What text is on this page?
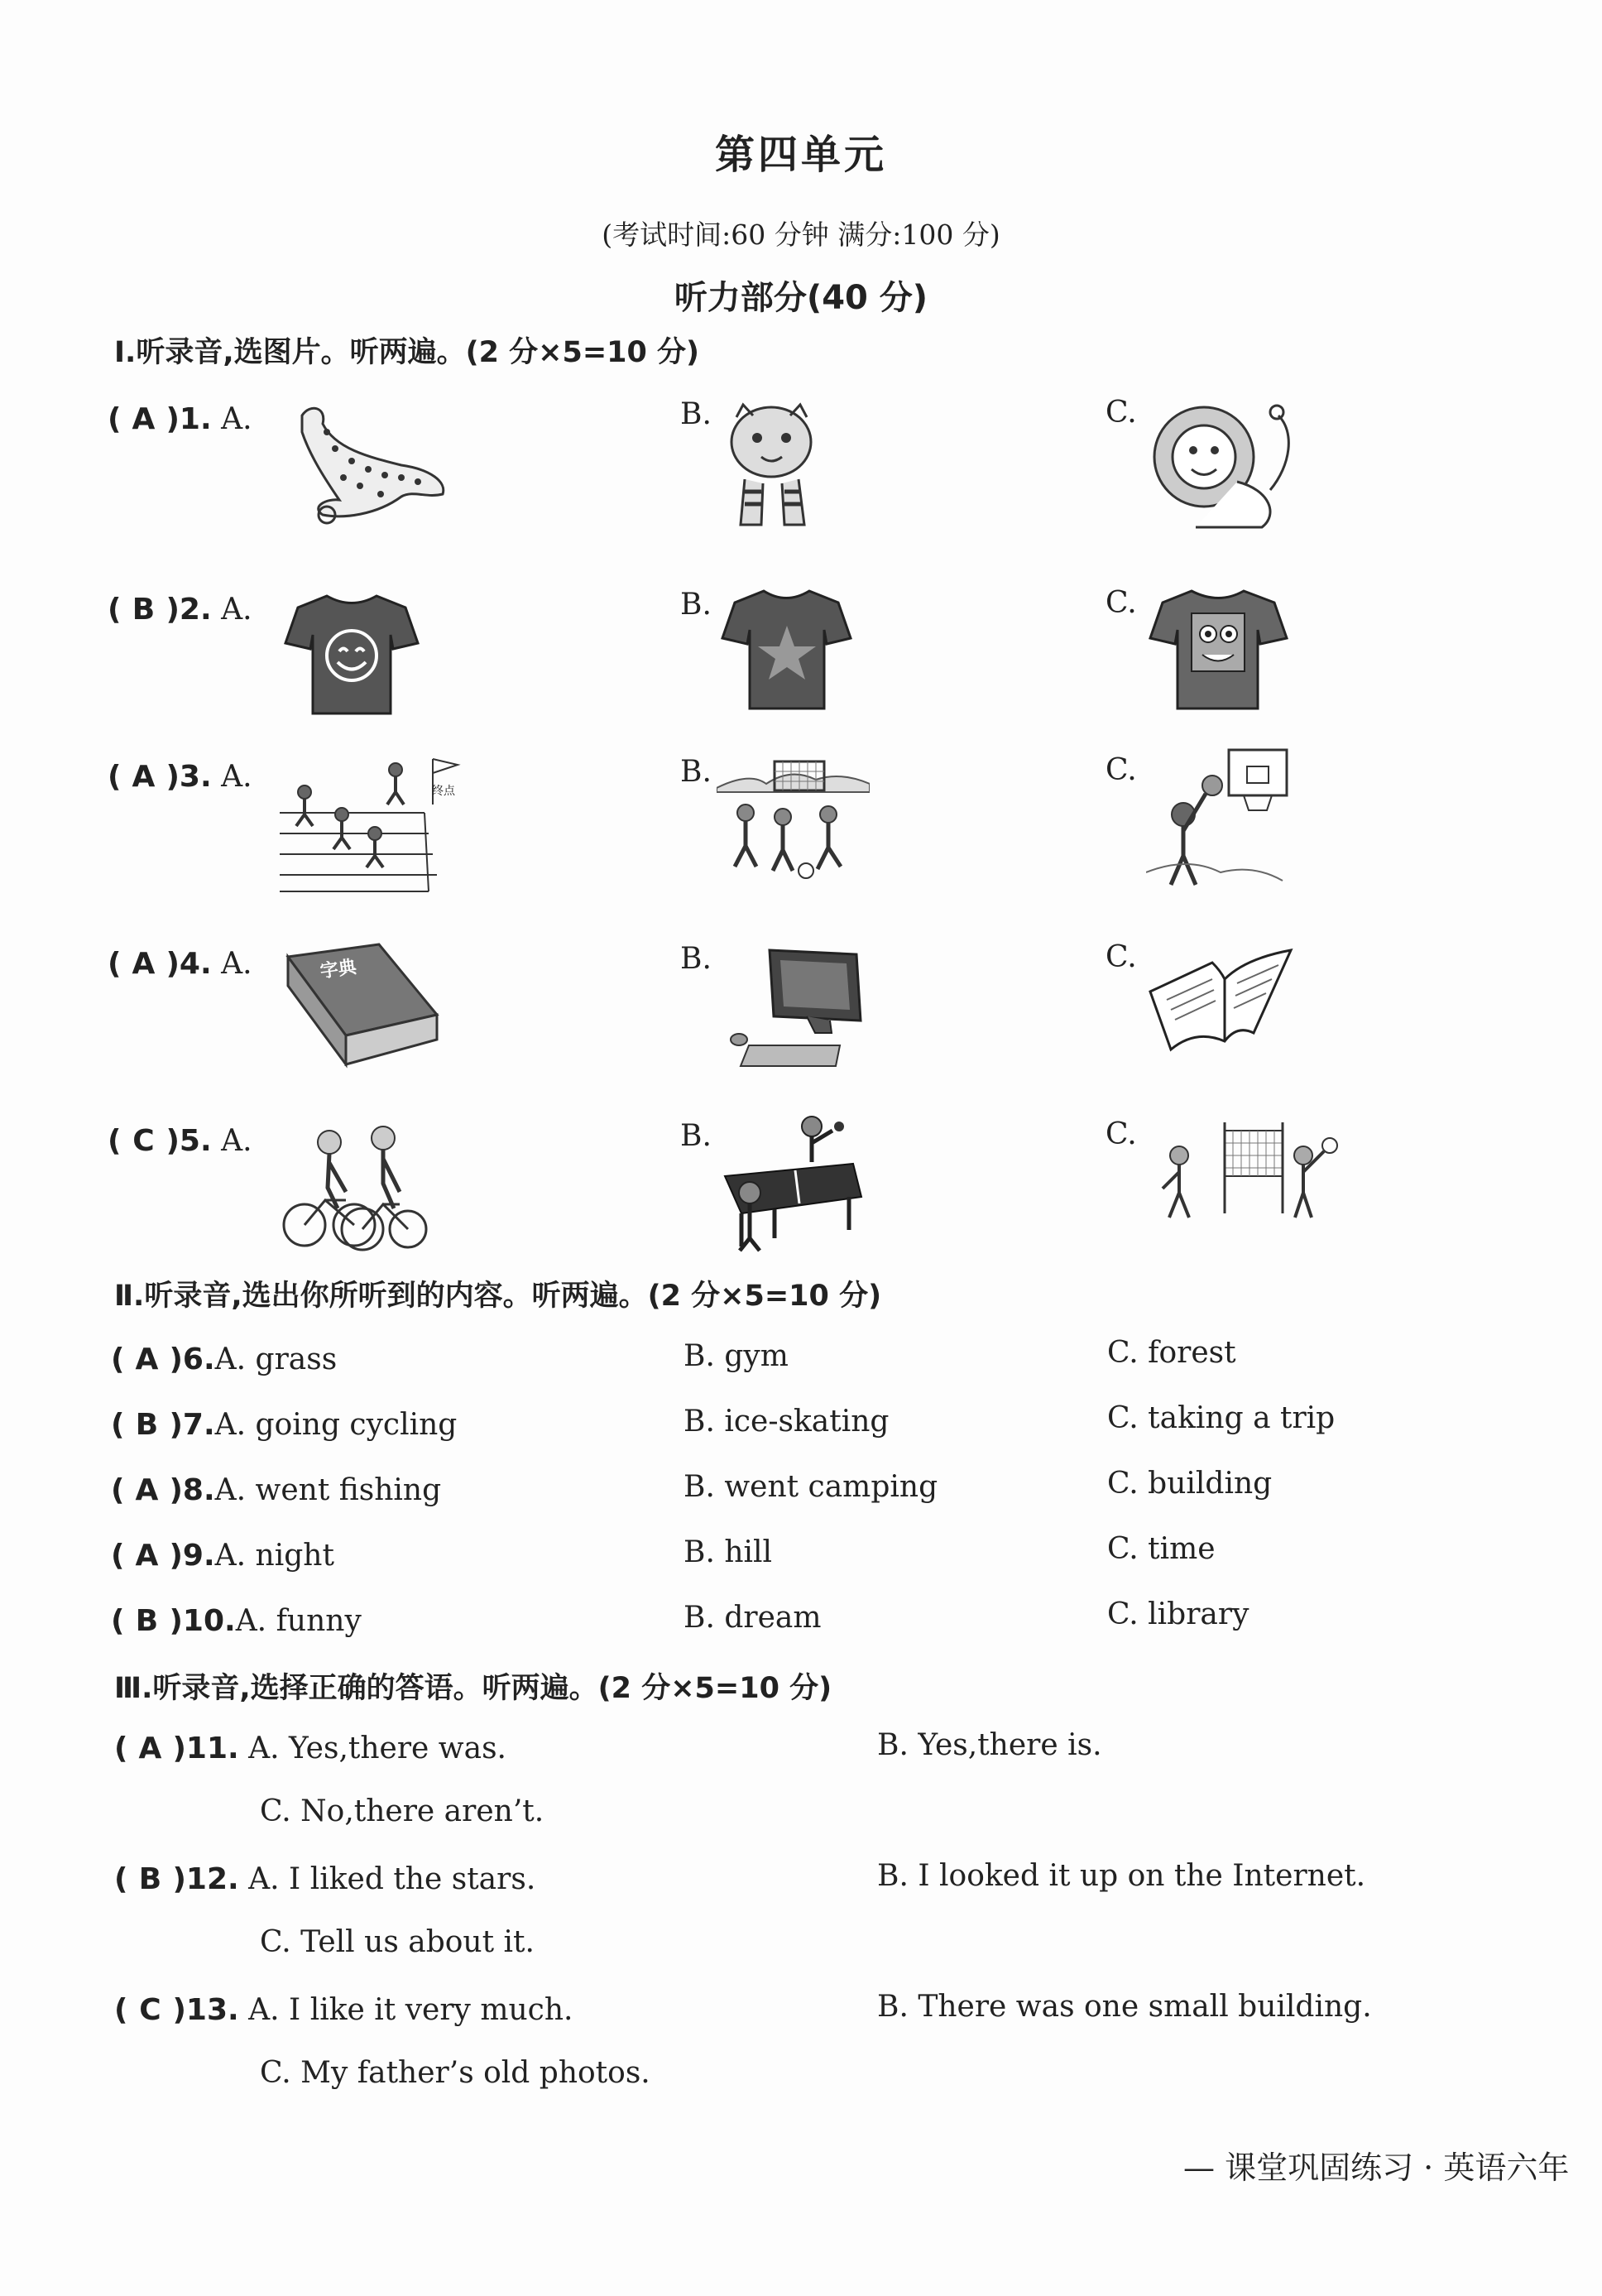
第四单元
(考试时间:60 分钟 满分:100 分)
听力部分(40 分)
Ⅰ.听录音,选图片。听两遍。(2 分×5=10 分)
( A )1. A.	B.	C.
( B )2. A.	B.	C.
( A )3. A.	B.	C.
终点
( A )4. A.	B.	C.
字典
( C )5. A.	B.	C.
Ⅱ.听录音,选出你所听到的内容。听两遍。(2 分×5=10 分)
( A )6.A. grass	B. gym	C. forest
( B )7.A. going cycling	B. ice-skating	C. taking a trip
( A )8.A. went fishing	B. went camping	C. building
( A )9.A. night	B. hill	C. time
( B )10.A. funny	B. dream	C. library
Ⅲ.听录音,选择正确的答语。听两遍。(2 分×5=10 分)
( A )11. A. Yes,there was.	B. Yes,there is.
C. No,there aren’t.
( B )12. A. I liked the stars.	B. I looked it up on the Internet.
C. Tell us about it.
( C )13. A. I like it very much.	B. There was one small building.
C. My father’s old photos.
— 课堂巩固练习 · 英语六年
